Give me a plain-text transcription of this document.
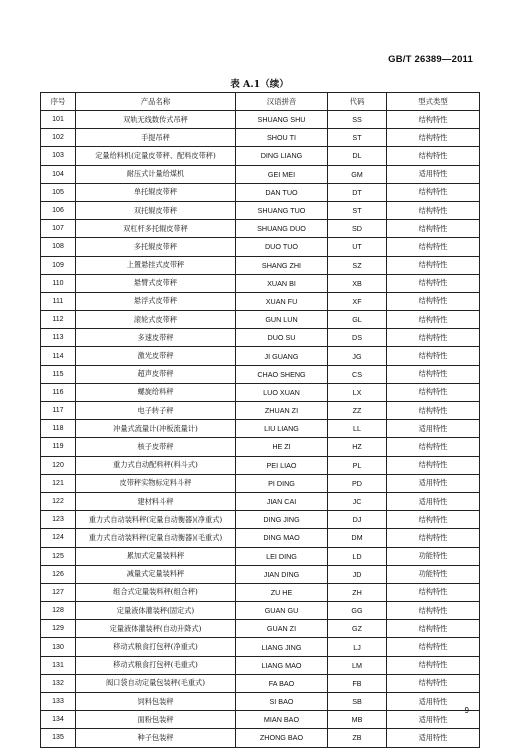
GB/T 26389—2011
表 A.1（续）
序号	产品名称	汉语拼音	代码	型式类型
101	双轨无线数传式吊秤	SHUANG SHU	SS	结构特性
102	手提吊秤	SHOU TI	ST	结构特性
103	定量给料机(定量皮带秤、配料皮带秤)	DING LIANG	DL	结构特性
104	耐压式计量给煤机	GEI MEI	GM	适用特性
105	单托辊皮带秤	DAN TUO	DT	结构特性
106	双托辊皮带秤	SHUANG TUO	ST	结构特性
107	双杠杆多托辊皮带秤	SHUANG DUO	SD	结构特性
108	多托辊皮带秤	DUO TUO	UT	结构特性
109	上置悬挂式皮带秤	SHANG ZHI	SZ	结构特性
110	悬臂式皮带秤	XUAN BI	XB	结构特性
111	悬浮式皮带秤	XUAN FU	XF	结构特性
112	滚轮式皮带秤	GUN LUN	GL	结构特性
113	多速皮带秤	DUO SU	DS	结构特性
114	激光皮带秤	JI GUANG	JG	结构特性
115	超声皮带秤	CHAO SHENG	CS	结构特性
116	螺旋给料秤	LUO XUAN	LX	结构特性
117	电子转子秤	ZHUAN ZI	ZZ	结构特性
118	冲量式流量计(冲板流量计)	LIU LIANG	LL	适用特性
119	核子皮带秤	HE ZI	HZ	结构特性
120	重力式自动配料秤(料斗式)	PEI LIAO	PL	结构特性
121	皮带秤实物标定料斗秤	PI DING	PD	适用特性
122	建材料斗秤	JIAN CAI	JC	适用特性
123	重力式自动装料秤(定量自动衡器)(净重式)	DING JING	DJ	结构特性
124	重力式自动装料秤(定量自动衡器)(毛重式)	DING MAO	DM	结构特性
125	累加式定量装料秤	LEI DING	LD	功能特性
126	减量式定量装料秤	JIAN DING	JD	功能特性
127	组合式定量装料秤(组合秤)	ZU HE	ZH	结构特性
128	定量液体灌装秤(固定式)	GUAN GU	GG	结构特性
129	定量液体灌装秤(自动升降式)	GUAN ZI	GZ	结构特性
130	移动式粮食打包秤(净重式)	LIANG JING	LJ	结构特性
131	移动式粮食打包秤(毛重式)	LIANG MAO	LM	结构特性
132	阀口袋自动定量包装秤(毛重式)	FA BAO	FB	结构特性
133	饲料包装秤	SI BAO	SB	适用特性
134	面粉包装秤	MIAN BAO	MB	适用特性
135	种子包装秤	ZHONG BAO	ZB	适用特性
9
